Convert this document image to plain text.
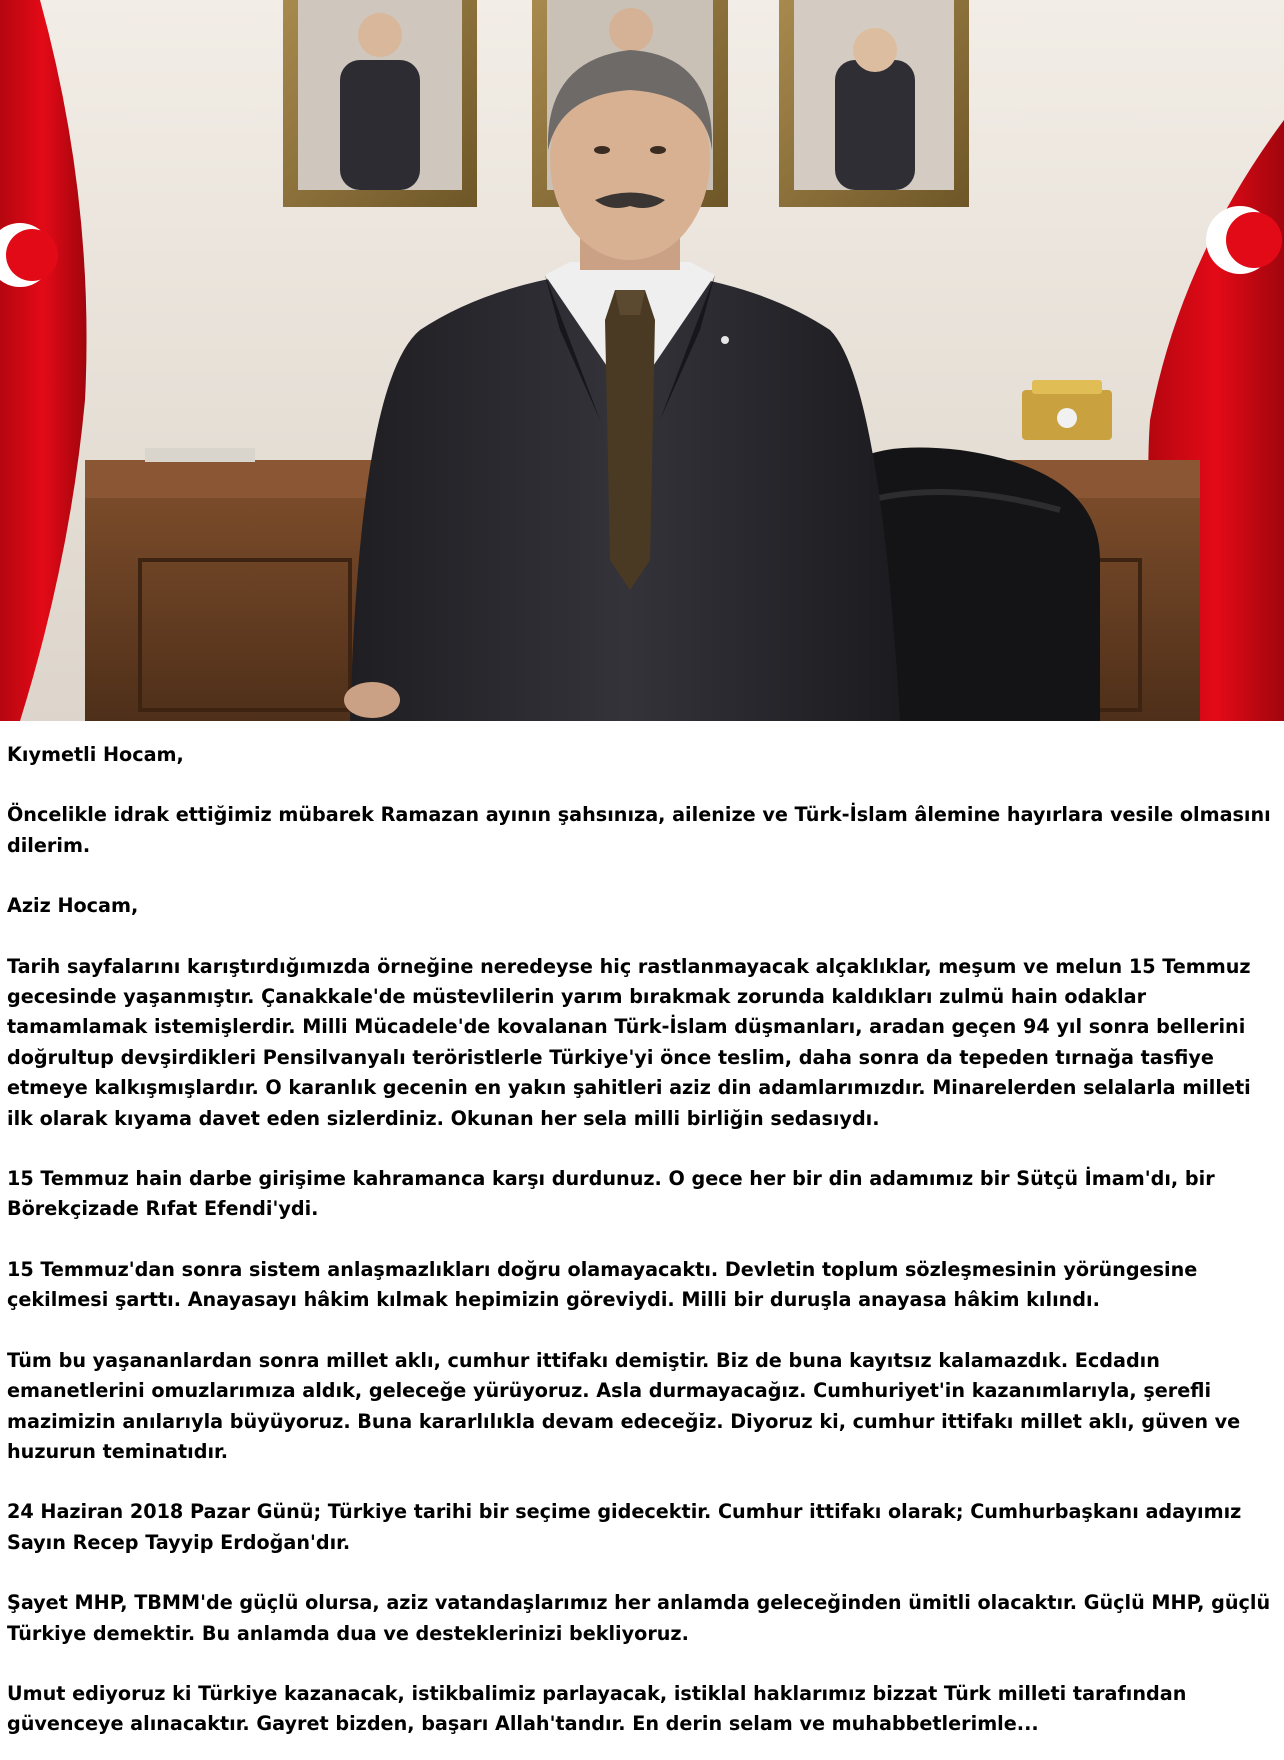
Kıymetli Hocam,

Öncelikle idrak ettiğimiz mübarek Ramazan ayının şahsınıza, ailenize ve Türk-İslam âlemine hayırlara vesile olmasını dilerim.

Aziz Hocam,

Tarih sayfalarını karıştırdığımızda örneğine neredeyse hiç rastlanmayacak alçaklıklar, meşum ve melun 15 Temmuz gecesinde yaşanmıştır. Çanakkale'de müstevlilerin yarım bırakmak zorunda kaldıkları zulmü hain odaklar tamamlamak istemişlerdir. Milli Mücadele'de kovalanan Türk-İslam düşmanları, aradan geçen 94 yıl sonra bellerini doğrultup devşirdikleri Pensilvanyalı teröristlerle Türkiye'yi önce teslim, daha sonra da tepeden tırnağa tasfiye etmeye kalkışmışlardır. O karanlık gecenin en yakın şahitleri aziz din adamlarımızdır. Minarelerden selalarla milleti ilk olarak kıyama davet eden sizlerdiniz. Okunan her sela milli birliğin sedasıydı.

15 Temmuz hain darbe girişime kahramanca karşı durdunuz. O gece her bir din adamımız bir Sütçü İmam'dı, bir Börekçizade Rıfat Efendi'ydi.

15 Temmuz'dan sonra sistem anlaşmazlıkları doğru olamayacaktı. Devletin toplum sözleşmesinin yörüngesine çekilmesi şarttı. Anayasayı hâkim kılmak hepimizin göreviydi. Milli bir duruşla anayasa hâkim kılındı.

Tüm bu yaşananlardan sonra millet aklı, cumhur ittifakı demiştir. Biz de buna kayıtsız kalamazdık. Ecdadın emanetlerini omuzlarımıza aldık, geleceğe yürüyoruz. Asla durmayacağız. Cumhuriyet'in kazanımlarıyla, şerefli mazimizin anılarıyla büyüyoruz. Buna kararlılıkla devam edeceğiz. Diyoruz ki, cumhur ittifakı millet aklı, güven ve huzurun teminatıdır.

24 Haziran 2018 Pazar Günü; Türkiye tarihi bir seçime gidecektir. Cumhur ittifakı olarak; Cumhurbaşkanı adayımız Sayın Recep Tayyip Erdoğan'dır.

Şayet MHP, TBMM'de güçlü olursa, aziz vatandaşlarımız her anlamda geleceğinden ümitli olacaktır. Güçlü MHP, güçlü Türkiye demektir. Bu anlamda dua ve desteklerinizi bekliyoruz.

Umut ediyoruz ki Türkiye kazanacak, istikbalimiz parlayacak, istiklal haklarımız bizzat Türk milleti tarafından güvenceye alınacaktır. Gayret bizden, başarı Allah'tandır. En derin selam ve muhabbetlerimle...
